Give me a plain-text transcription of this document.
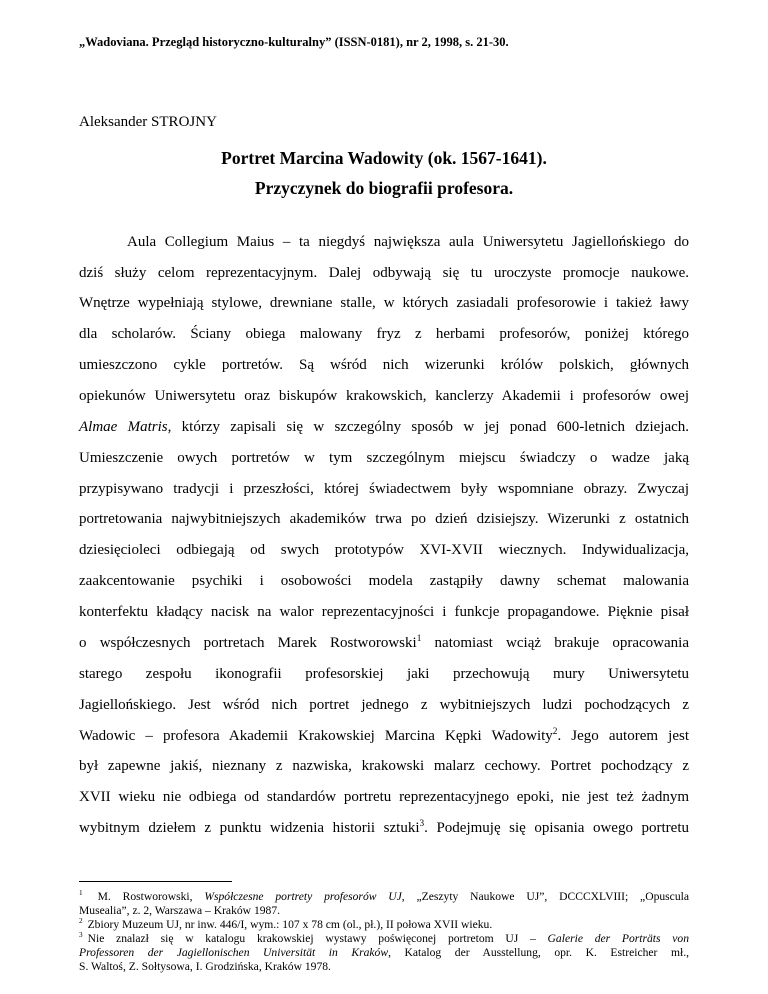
„Wadoviana. Przegląd historyczno-kulturalny” (ISSN-0181), nr 2, 1998, s. 21-30.
Aleksander STROJNY
Portret Marcina Wadowity (ok. 1567-1641).
Przyczynek do biografii profesora.
Aula Collegium Maius – ta niegdyś największa aula Uniwersytetu Jagiellońskiego do
dziś służy celom reprezentacyjnym. Dalej odbywają się tu uroczyste promocje naukowe.
Wnętrze wypełniają stylowe, drewniane stalle, w których zasiadali profesorowie i takież ławy
dla scholarów. Ściany obiega malowany fryz z herbami profesorów, poniżej którego
umieszczono cykle portretów. Są wśród nich wizerunki królów polskich, głównych
opiekunów Uniwersytetu oraz biskupów krakowskich, kanclerzy Akademii i profesorów owej
Almae Matris, którzy zapisali się w szczególny sposób w jej ponad 600-letnich dziejach.
Umieszczenie owych portretów w tym szczególnym miejscu świadczy o wadze jaką
przypisywano tradycji i przeszłości, której świadectwem były wspomniane obrazy. Zwyczaj
portretowania najwybitniejszych akademików trwa po dzień dzisiejszy. Wizerunki z ostatnich
dziesięcioleci odbiegają od swych prototypów XVI-XVII wiecznych. Indywidualizacja,
zaakcentowanie psychiki i osobowości modela zastąpiły dawny schemat malowania
konterfektu kładący nacisk na walor reprezentacyjności i funkcje propagandowe. Pięknie pisał
o współczesnych portretach Marek Rostworowski$^1$ natomiast wciąż brakuje opracowania
starego zespołu ikonografii profesorskiej jaki przechowują mury Uniwersytetu
Jagiellońskiego. Jest wśród nich portret jednego z wybitniejszych ludzi pochodzących z
Wadowic – profesora Akademii Krakowskiej Marcina Kępki Wadowity$^2$. Jego autorem jest
był zapewne jakiś, nieznany z nazwiska, krakowski malarz cechowy. Portret pochodzący z
XVII wieku nie odbiega od standardów portretu reprezentacyjnego epoki, nie jest też żadnym
wybitnym dziełem z punktu widzenia historii sztuki$^3$. Podejmuję się opisania owego portretu
$^1$ M. Rostworowski, Współczesne portrety profesorów UJ, „Zeszyty Naukowe UJ”, DCCCXLVIII; „Opuscula
Musealia”, z. 2, Warszawa – Kraków 1987.
$^2$ Zbiory Muzeum UJ, nr inw. 446/I, wym.: 107 x 78 cm (ol., pł.), II połowa XVII wieku.
$^3$ Nie znalazł się w katalogu krakowskiej wystawy poświęconej portretom UJ – Galerie der Porträts von
Professoren der Jagiellonischen Universität in Kraków, Katalog der Ausstellung, opr. K. Estreicher mł.,
S. Waltoś, Z. Sołtysowa, I. Grodzińska, Kraków 1978.
